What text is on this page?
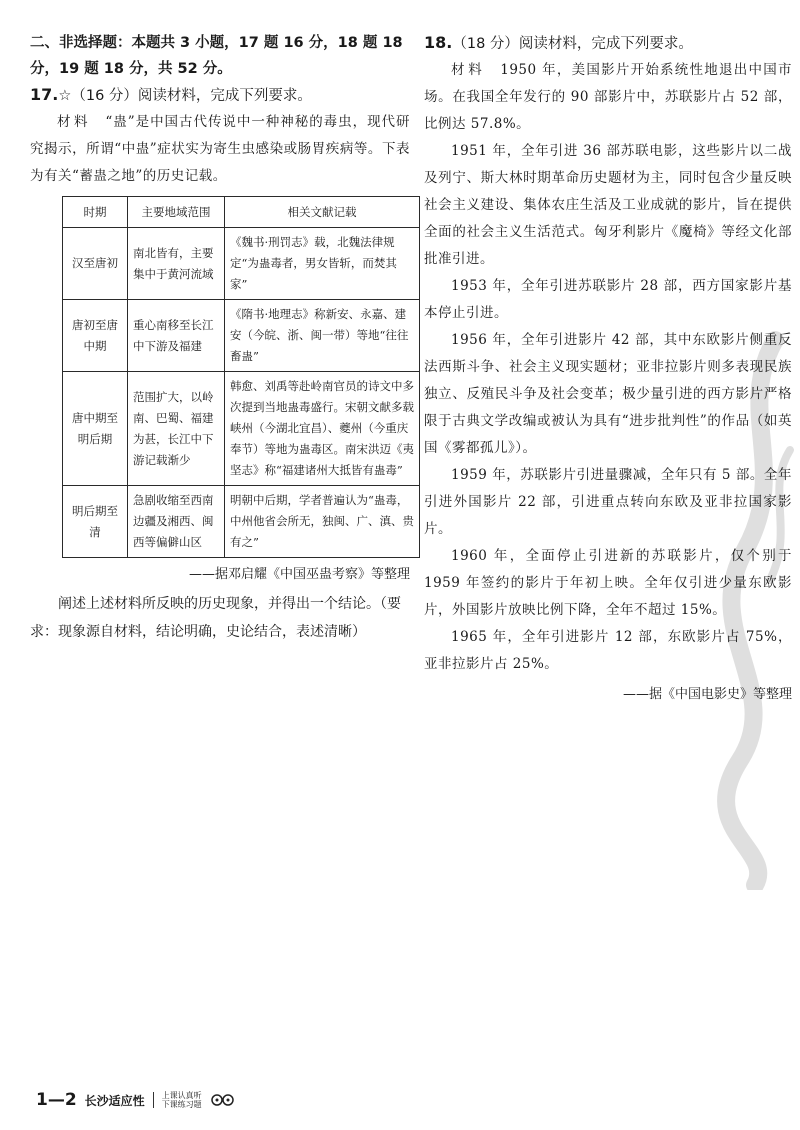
二、非选择题：本题共 3 小题，17 题 16 分，18 题 18

分，19 题 18 分，共 52 分。

17.☆（16 分）阅读材料，完成下列要求。

材料　 “蛊”是中国古代传说中一种神秘的毒虫，现代研究揭示，所谓“中蛊”症状实为寄生虫感染或肠胃疾病等。下表为有关“蓄蛊之地”的历史记载。

时期	主要地域范围	相关文献记载
汉至唐初	南北皆有，主要集中于黄河流域	《魏书·刑罚志》载，北魏法律规定“为蛊毒者，男女皆斩，而焚其家”
唐初至唐中期	重心南移至长江中下游及福建	《隋书·地理志》称新安、永嘉、建安（今皖、浙、闽一带）等地“往往畜蛊”
唐中期至明后期	范围扩大，以岭南、巴蜀、福建为甚，长江中下游记载渐少	韩愈、刘禹等赴岭南官员的诗文中多次提到当地蛊毒盛行。宋朝文献多载峡州（今湖北宜昌）、夔州（今重庆奉节）等地为蛊毒区。南宋洪迈《夷坚志》称“福建诸州大抵皆有蛊毒”
明后期至清	急剧收缩至西南边疆及湘西、闽西等偏僻山区	明朝中后期，学者普遍认为“蛊毒，中州他省会所无，独闽、广、滇、贵有之”

——据邓启耀《中国巫蛊考察》等整理

阐述上述材料所反映的历史现象，并得出一个结论。（要求：现象源自材料，结论明确，史论结合，表述清晰）

18.（18 分）阅读材料，完成下列要求。

材料　 1950 年，美国影片开始系统性地退出中国市场。在我国全年发行的 90 部影片中，苏联影片占 52 部，比例达 57.8%。

1951 年，全年引进 36 部苏联电影，这些影片以二战及列宁、斯大林时期革命历史题材为主，同时包含少量反映社会主义建设、集体农庄生活及工业成就的影片，旨在提供全面的社会主义生活范式。匈牙利影片《魔椅》等经文化部批准引进。

1953 年，全年引进苏联影片 28 部，西方国家影片基本停止引进。

1956 年，全年引进影片 42 部，其中东欧影片侧重反法西斯斗争、社会主义现实题材；亚非拉影片则多表现民族独立、反殖民斗争及社会变革；极少量引进的西方影片严格限于古典文学改编或被认为具有“进步批判性”的作品（如英国《雾都孤儿》）。

1959 年，苏联影片引进量骤减，全年只有 5 部。全年引进外国影片 22 部，引进重点转向东欧及亚非拉国家影片。

1960 年，全面停止引进新的苏联影片，仅个别于 1959 年签约的影片于年初上映。全年仅引进少量东欧影片，外国影片放映比例下降，全年不超过 15%。

1965 年，全年引进影片 12 部，东欧影片占 75%，亚非拉影片占 25%。

——据《中国电影史》等整理

1—2 长沙适应性 上课认真听
下课练习题
